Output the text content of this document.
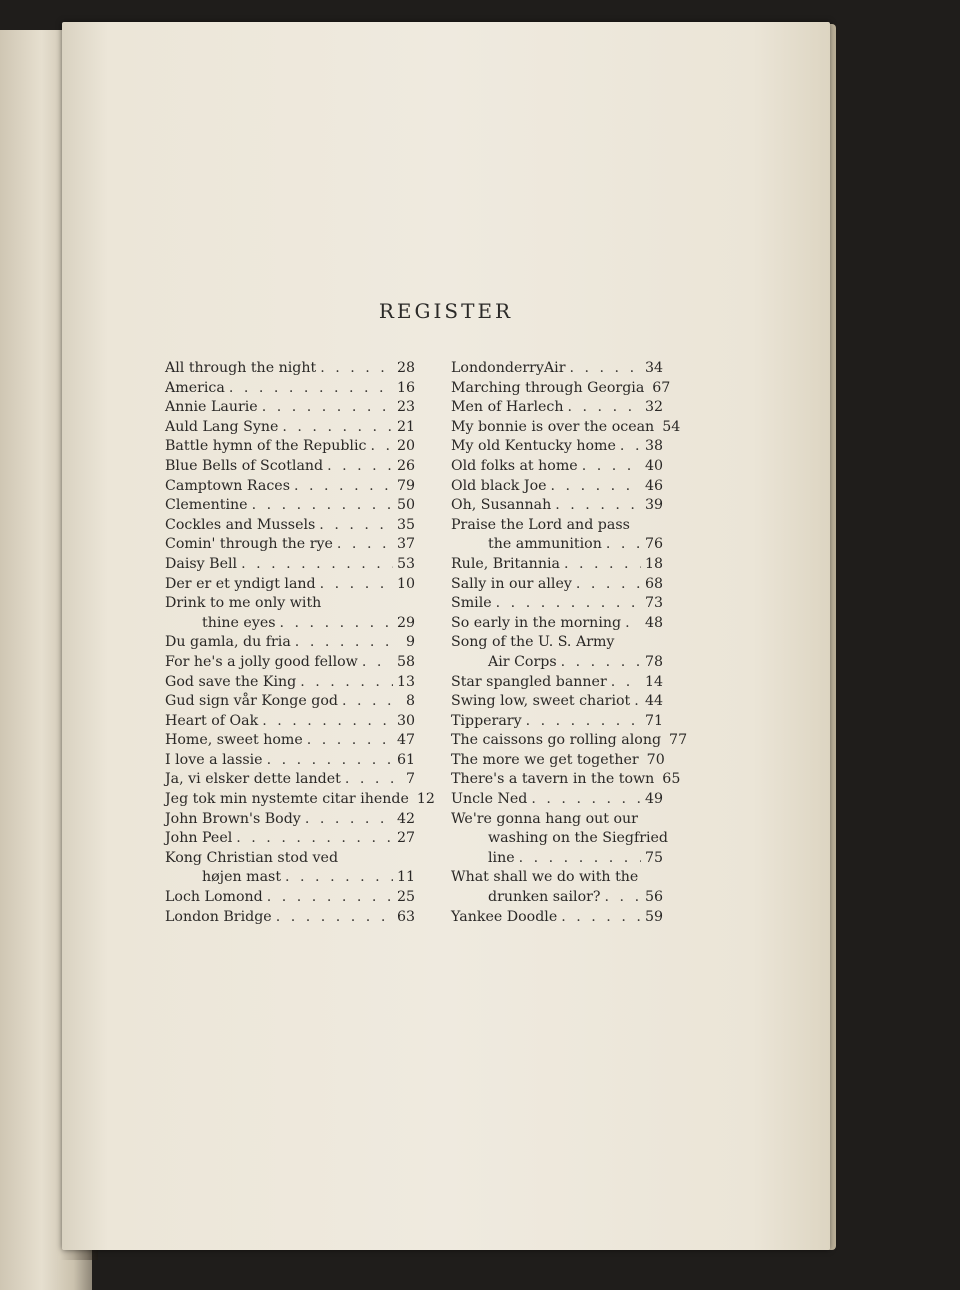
REGISTER
All through the night . . .	28
America . . .	16
Annie Laurie . . .	23
Auld Lang Syne . . .	21
Battle hymn of the Republic . . . 20
Blue Bells of Scotland . . .	26
Camptown Races . . .	79
Clementine . . .	50
Cockles and Mussels . . .	35
Comin' through the rye . . .	37
Daisy Bell . . .	53
Der er et yndigt land . . .	10
Drink to me only with
thine eyes . . .	29
Du gamla, du fria . . .	9
For he's a jolly good fellow . . .	58
God save the King . . .	13
Gud sign vår Konge god . . .	8
Heart of Oak . . .	30
Home, sweet home . . .	47
I love a lassie . . .	61
Ja, vi elsker dette landet . . .	7
Jeg tok min nystemte citar ihende 12
John Brown's Body . . .	42
John Peel . . .	27
Kong Christian stod ved
højen mast . . .	11
Loch Lomond . . .	25
London Bridge . . .	63
LondonderryAir . . .	34
Marching through Georgia 67
Men of Harlech . . .	32
My bonnie is over the ocean 54
My old Kentucky home . . . 38
Old folks at home . . .	40
Old black Joe . . .	46
Oh, Susannah . . .	39
Praise the Lord and pass
the ammunition . . .	76
Rule, Britannia . . .	18
Sally in our alley . . .	68
Smile . . .	73
So early in the morning . . . 48
Song of the U. S. Army
Air Corps . . .	78
Star spangled banner . . .	14
Swing low, sweet chariot . . . 44
Tipperary . . .	71
The caissons go rolling along 77
The more we get together 70
There's a tavern in the town 65
Uncle Ned . . .	49
We're gonna hang out our
washing on the Siegfried
line . . .	75
What shall we do with the
drunken sailor? . . .	56
Yankee Doodle . . .	59
